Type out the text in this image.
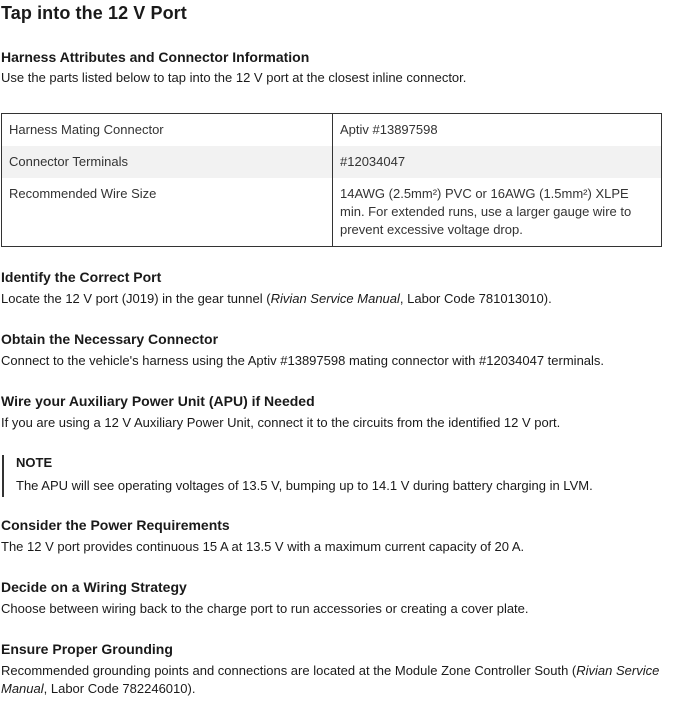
Tap into the 12 V Port
Harness Attributes and Connector Information

Use the parts listed below to tap into the 12 V port at the closest inline connector.

Harness Mating Connector	Aptiv #13897598
Connector Terminals	#12034047
Recommended Wire Size	14AWG (2.5mm²) PVC or 16AWG (1.5mm²) XLPE min. For extended runs, use a larger gauge wire to prevent excessive voltage drop.
Identify the Correct Port

Locate the 12 V port (J019) in the gear tunnel (Rivian Service Manual, Labor Code 781013010).

Obtain the Necessary Connector

Connect to the vehicle's harness using the Aptiv #13897598 mating connector with #12034047 terminals.

Wire your Auxiliary Power Unit (APU) if Needed

If you are using a 12 V Auxiliary Power Unit, connect it to the circuits from the identified 12 V port.

NOTE

The APU will see operating voltages of 13.5 V, bumping up to 14.1 V during battery charging in LVM.

Consider the Power Requirements

The 12 V port provides continuous 15 A at 13.5 V with a maximum current capacity of 20 A.

Decide on a Wiring Strategy

Choose between wiring back to the charge port to run accessories or creating a cover plate.

Ensure Proper Grounding

Recommended grounding points and connections are located at the Module Zone Controller South (Rivian Service Manual, Labor Code 782246010).
